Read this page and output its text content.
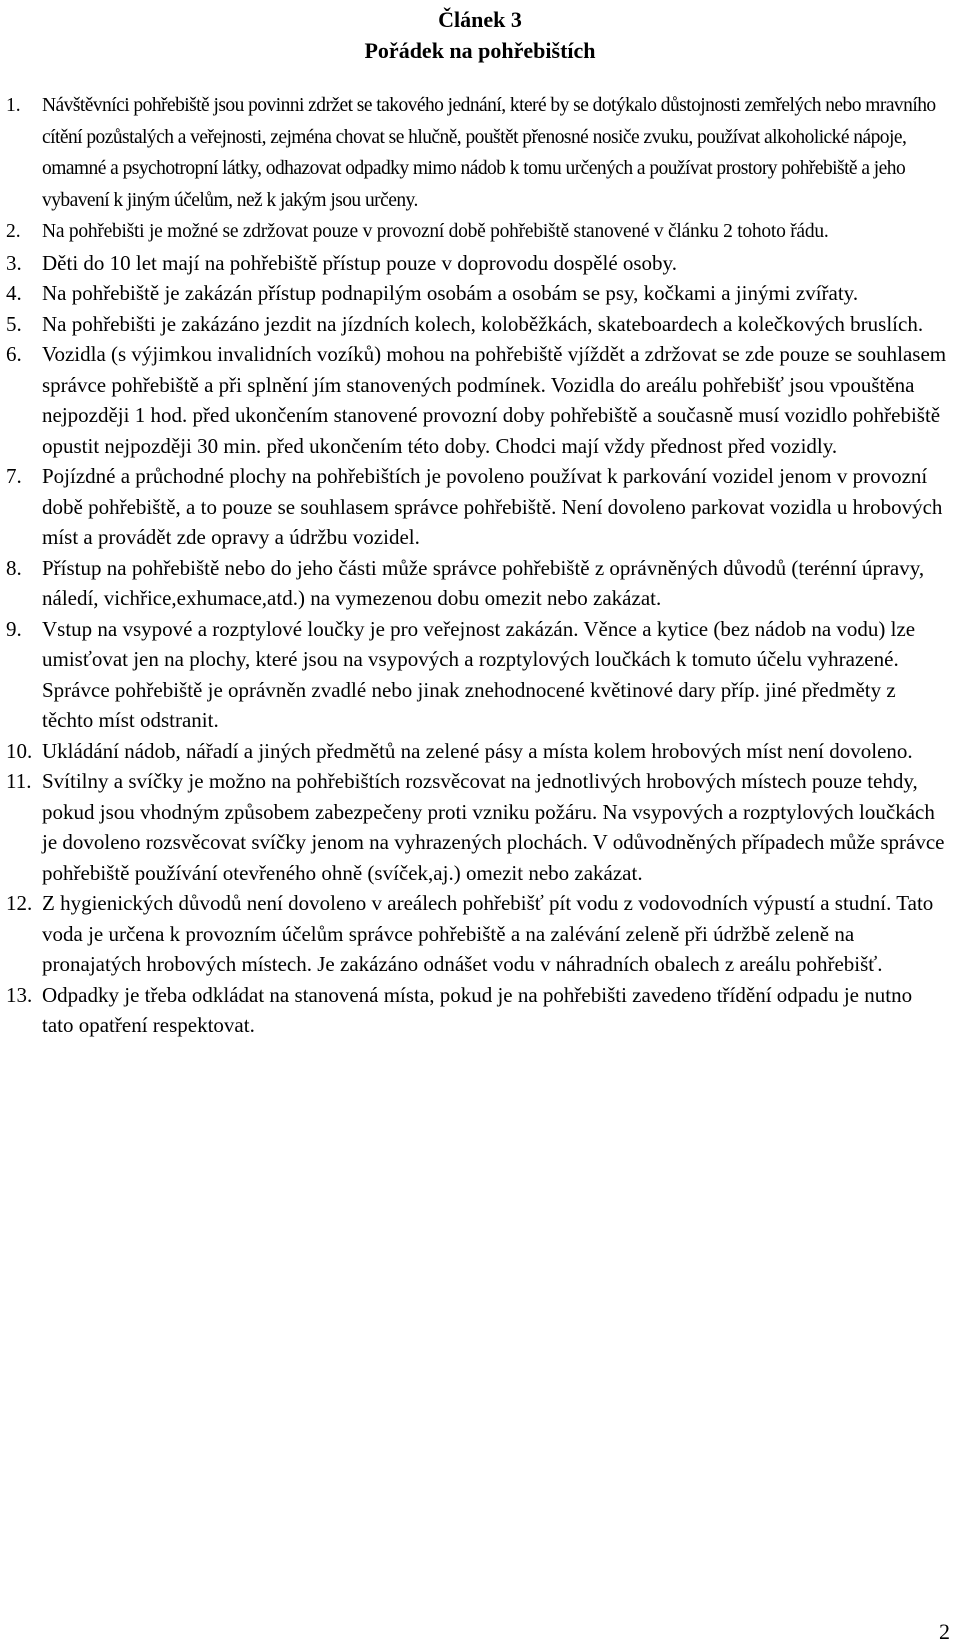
Článek 3
Pořádek na pohřebištích
1.	Návštěvníci pohřebiště jsou povinni zdržet se takového jednání, které by se dotýkalo důstojnosti zemřelých nebo mravního cítění pozůstalých a veřejnosti, zejména chovat se hlučně, pouštět přenosné nosiče zvuku, používat alkoholické nápoje, omamné a psychotropní látky, odhazovat odpadky mimo nádob k tomu určených a používat prostory pohřebiště a jeho vybavení k jiným účelům, než k jakým jsou určeny.
2.	Na pohřebišti je možné se zdržovat pouze v provozní době pohřebiště stanovené v článku 2 tohoto řádu.
3. Děti do 10 let mají na pohřebiště přístup pouze v doprovodu dospělé osoby.
4. Na pohřebiště je zakázán přístup podnapilým osobám a osobám se psy, kočkami a jinými zvířaty.
5. Na pohřebišti je zakázáno jezdit na jízdních kolech, koloběžkách, skateboardech a kolečkových bruslích.
6. Vozidla (s výjimkou invalidních vozíků) mohou na pohřebiště vjíždět a zdržovat se zde pouze se souhlasem správce pohřebiště a při splnění jím stanovených podmínek. Vozidla do areálu pohřebišť jsou vpouštěna nejpozději 1 hod. před ukončením stanovené provozní doby pohřebiště a současně musí vozidlo pohřebiště opustit nejpozději 30 min. před ukončením této doby. Chodci mají vždy přednost před vozidly.
7. Pojízdné a průchodné plochy na pohřebištích je povoleno používat k parkování vozidel jenom v provozní době pohřebiště, a to pouze se souhlasem správce pohřebiště. Není dovoleno parkovat vozidla u hrobových míst a provádět zde opravy a údržbu vozidel.
8. Přístup na pohřebiště nebo do jeho části může správce pohřebiště z oprávněných důvodů (terénní úpravy, náledí, vichřice,exhumace,atd.) na vymezenou dobu omezit nebo zakázat.
9. Vstup na vsypové a rozptylové loučky je pro veřejnost zakázán. Věnce a kytice (bez nádob na vodu) lze umisťovat jen na plochy, které jsou na vsypových a rozptylových loučkách k tomuto účelu vyhrazené. Správce pohřebiště je oprávněn zvadlé nebo jinak znehodnocené květinové dary příp. jiné předměty z těchto míst odstranit.
10. Ukládání nádob, nářadí a jiných předmětů na zelené pásy a místa kolem hrobových míst není dovoleno.
11. Svítilny a svíčky je možno na pohřebištích rozsvěcovat na jednotlivých hrobových místech pouze tehdy, pokud jsou vhodným způsobem zabezpečeny proti vzniku požáru. Na vsypových a rozptylových loučkách je dovoleno rozsvěcovat svíčky jenom na vyhrazených plochách. V odůvodněných případech může správce pohřebiště používání otevřeného ohně (svíček,aj.) omezit nebo zakázat.
12. Z hygienických důvodů není dovoleno v areálech pohřebišť pít vodu z vodovodních výpustí a studní. Tato voda je určena k provozním účelům správce pohřebiště a na zalévání zeleně při údržbě zeleně na pronajatých hrobových místech. Je zakázáno odnášet vodu v náhradních obalech z areálu pohřebišť.
13. Odpadky je třeba odkládat na stanovená místa, pokud je na pohřebišti zavedeno třídění odpadu je nutno tato opatření respektovat.
2
